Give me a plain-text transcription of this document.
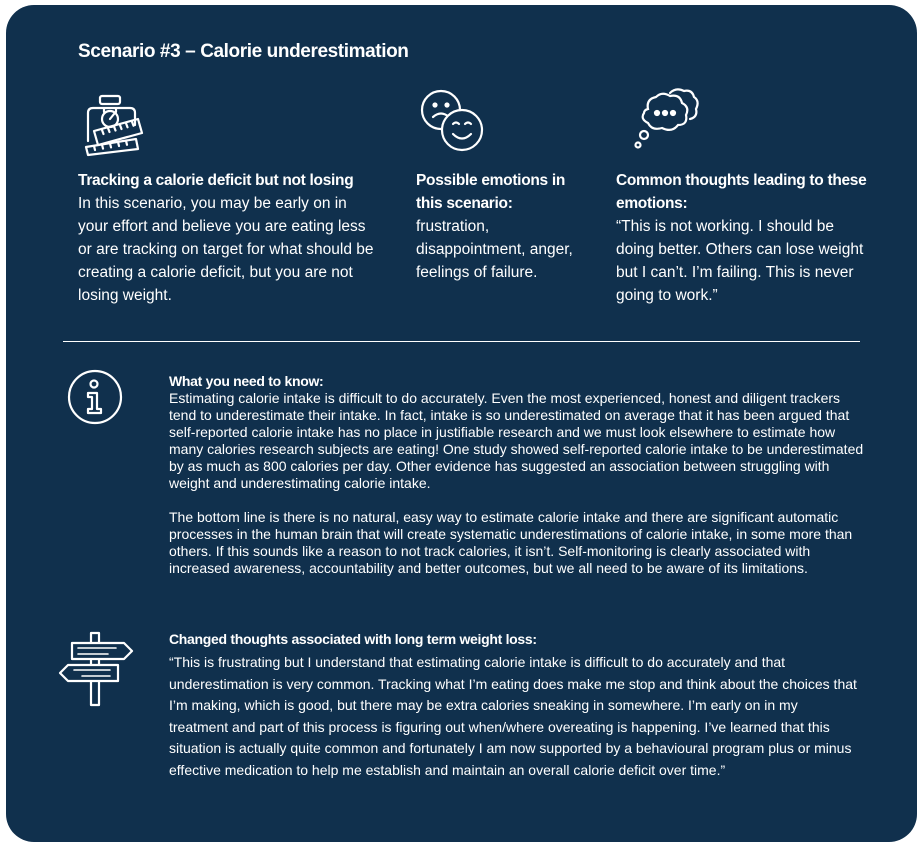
Scenario #3 – Calorie underestimation
Tracking a calorie deficit but not losing
In this scenario, you may be early on in your effort and believe you are eating less or are tracking on target for what should be creating a calorie deficit, but you are not losing weight.
Possible emotions in this scenario:
frustration, disappointment, anger, feelings of failure.
Common thoughts leading to these emotions:
“This is not working. I should be doing better. Others can lose weight but I can’t. I’m failing. This is never going to work.”
What you need to know:

Estimating calorie intake is difficult to do accurately. Even the most experienced, honest and diligent trackers tend to underestimate their intake. In fact, intake is so underestimated on average that it has been argued that self-reported calorie intake has no place in justifiable research and we must look elsewhere to estimate how many calories research subjects are eating! One study showed self-reported calorie intake to be underestimated by as much as 800 calories per day. Other evidence has suggested an association between struggling with weight and underestimating calorie intake.

The bottom line is there is no natural, easy way to estimate calorie intake and there are significant automatic processes in the human brain that will create systematic underestimations of calorie intake, in some more than others. If this sounds like a reason to not track calories, it isn’t. Self-monitoring is clearly associated with increased awareness, accountability and better outcomes, but we all need to be aware of its limitations.

Changed thoughts associated with long term weight loss:
“This is frustrating but I understand that estimating calorie intake is difficult to do accurately and that underestimation is very common. Tracking what I’m eating does make me stop and think about the choices that I’m making, which is good, but there may be extra calories sneaking in somewhere. I’m early on in my treatment and part of this process is figuring out when/where overeating is happening. I’ve learned that this situation is actually quite common and fortunately I am now supported by a behavioural program plus or minus effective medication to help me establish and maintain an overall calorie deficit over time.”
